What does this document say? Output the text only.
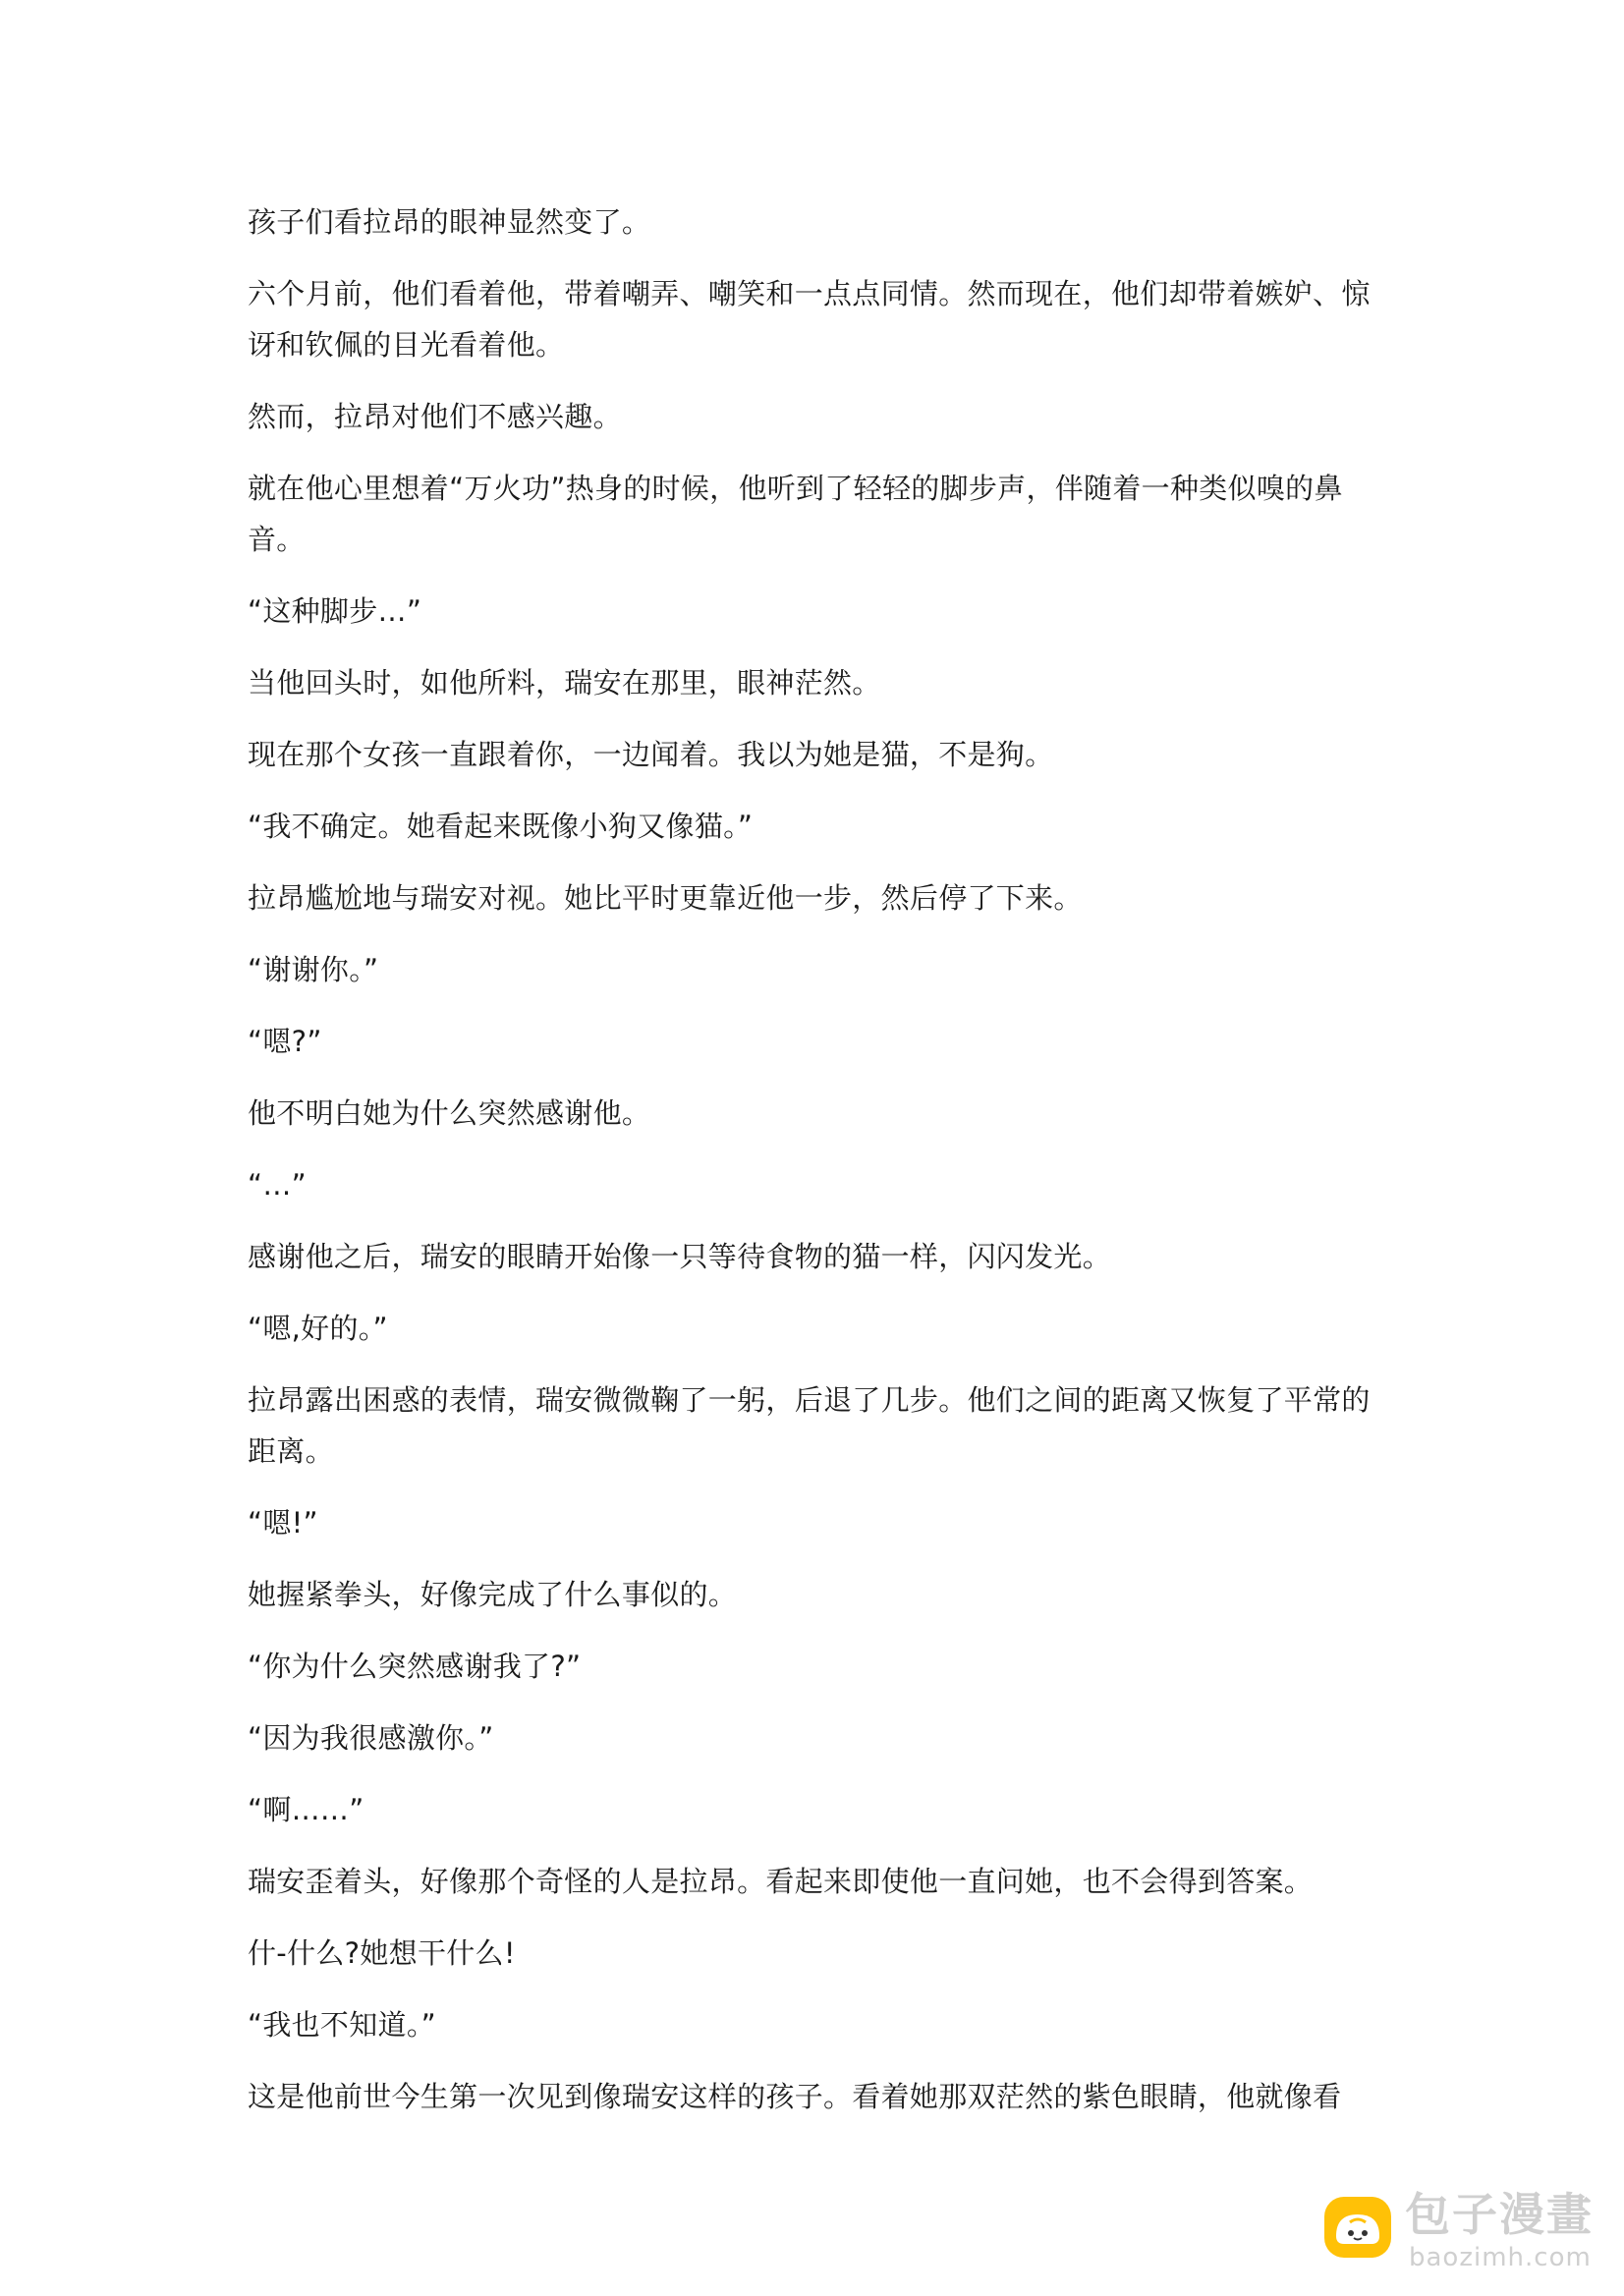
孩子们看拉昂的眼神显然变了。

六个月前，他们看着他，带着嘲弄、嘲笑和一点点同情。然而现在，他们却带着嫉妒、惊讶和钦佩的目光看着他。

然而，拉昂对他们不感兴趣。

就在他心里想着“万火功”热身的时候，他听到了轻轻的脚步声，伴随着一种类似嗅的鼻音。

“这种脚步…”

当他回头时，如他所料，瑞安在那里，眼神茫然。

现在那个女孩一直跟着你，一边闻着。我以为她是猫，不是狗。

“我不确定。她看起来既像小狗又像猫。”

拉昂尴尬地与瑞安对视。她比平时更靠近他一步，然后停了下来。

“谢谢你。”

“嗯?”

他不明白她为什么突然感谢他。

“…”

感谢他之后，瑞安的眼睛开始像一只等待食物的猫一样，闪闪发光。

“嗯,好的。”

拉昂露出困惑的表情，瑞安微微鞠了一躬，后退了几步。他们之间的距离又恢复了平常的距离。

“嗯!”

她握紧拳头，好像完成了什么事似的。

“你为什么突然感谢我了?”

“因为我很感激你。”

“啊……”

瑞安歪着头，好像那个奇怪的人是拉昂。看起来即使他一直问她，也不会得到答案。

什-什么?她想干什么!

“我也不知道。”

这是他前世今生第一次见到像瑞安这样的孩子。看着她那双茫然的紫色眼睛，他就像看

包子漫畫
baozimh.com
